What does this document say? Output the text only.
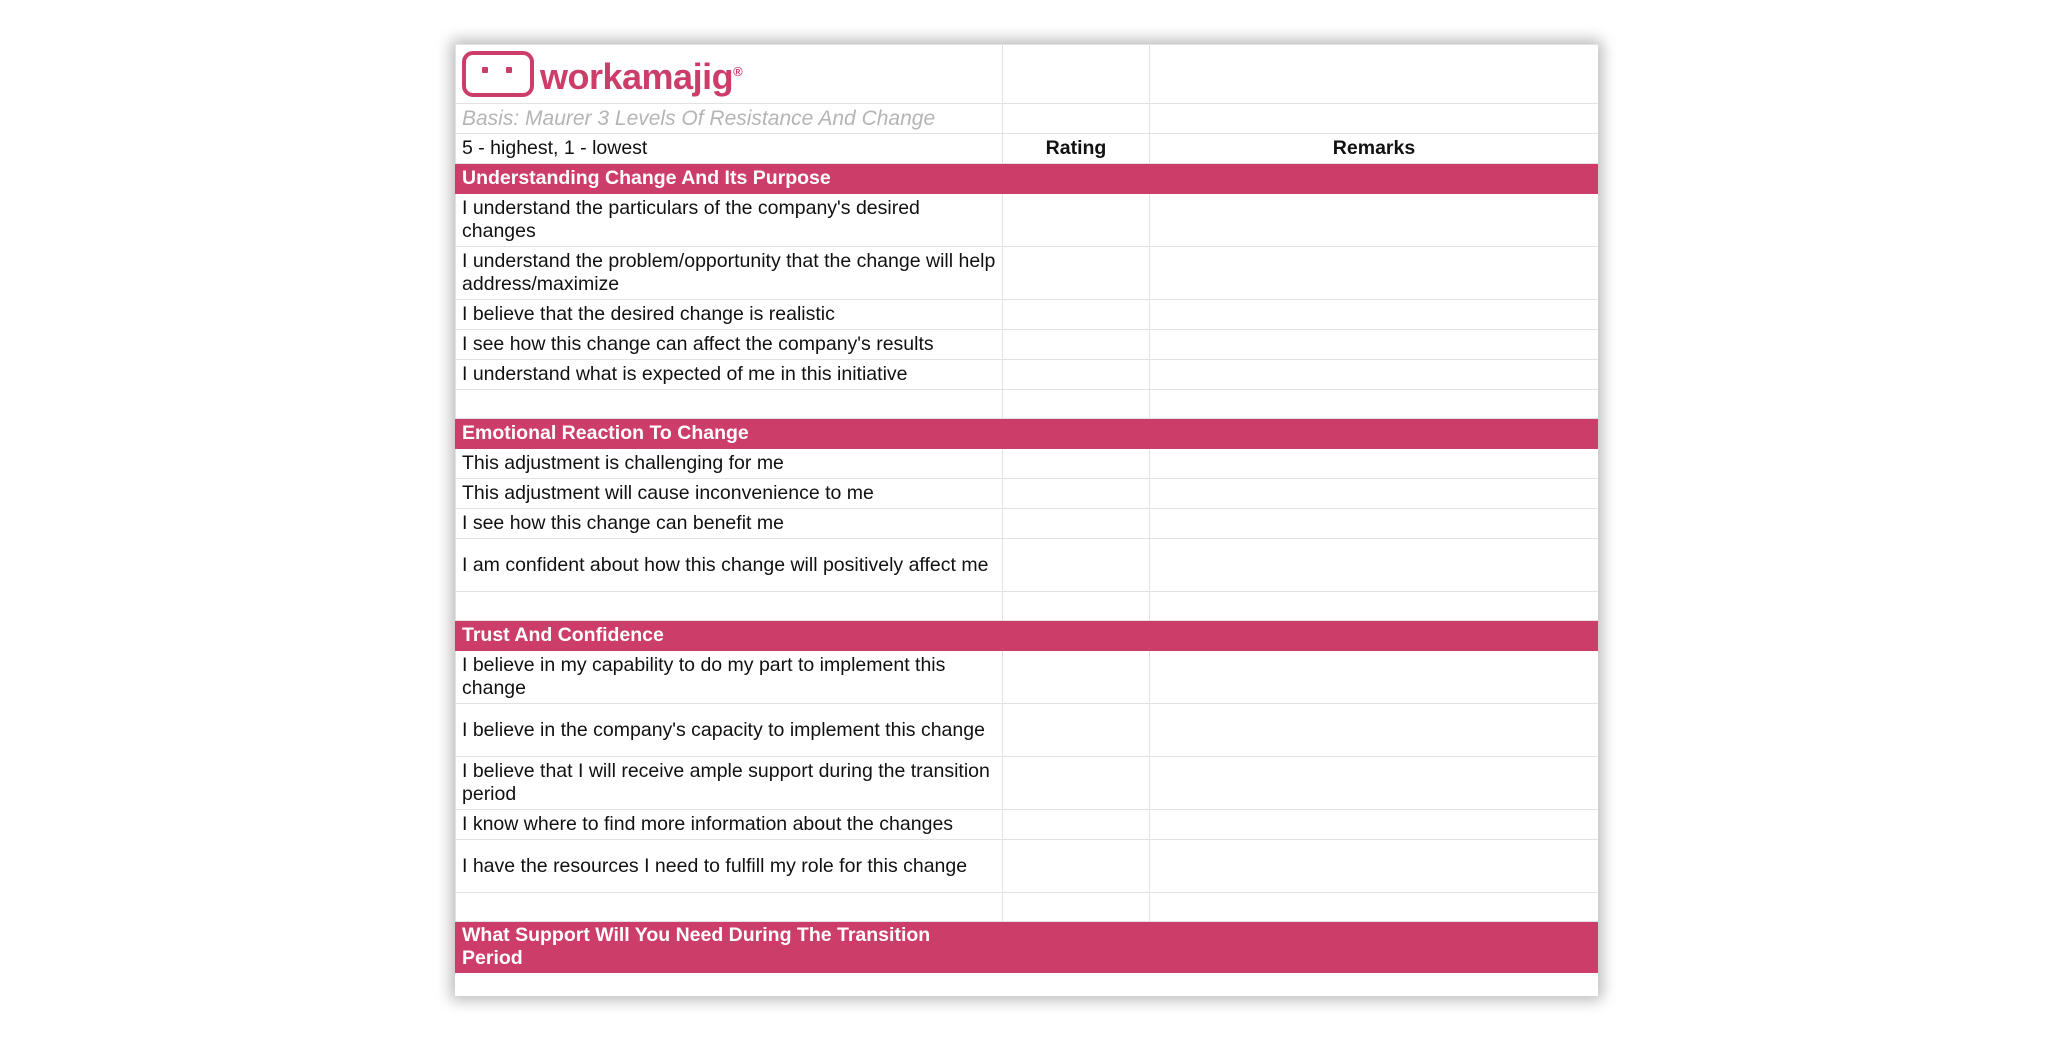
workamajig®

Basis: Maurer 3 Levels Of Resistance And Change		
5 - highest, 1 - lowest	Rating	Remarks
Understanding Change And Its Purpose		
I understand the particulars of the company's desired changes		
I understand the problem/opportunity that the change will help address/maximize		
I believe that the desired change is realistic		
I see how this change can affect the company's results		
I understand what is expected of me in this initiative		

Emotional Reaction To Change		
This adjustment is challenging for me		
This adjustment will cause inconvenience to me		
I see how this change can benefit me		
I am confident about how this change will positively affect me		

Trust And Confidence		
I believe in my capability to do my part to implement this change		
I believe in the company's capacity to implement this change		
I believe that I will receive ample support during the transition period		
I know where to find more information about the changes		
I have the resources I need to fulfill my role for this change		

What Support Will You Need During The Transition Period		
